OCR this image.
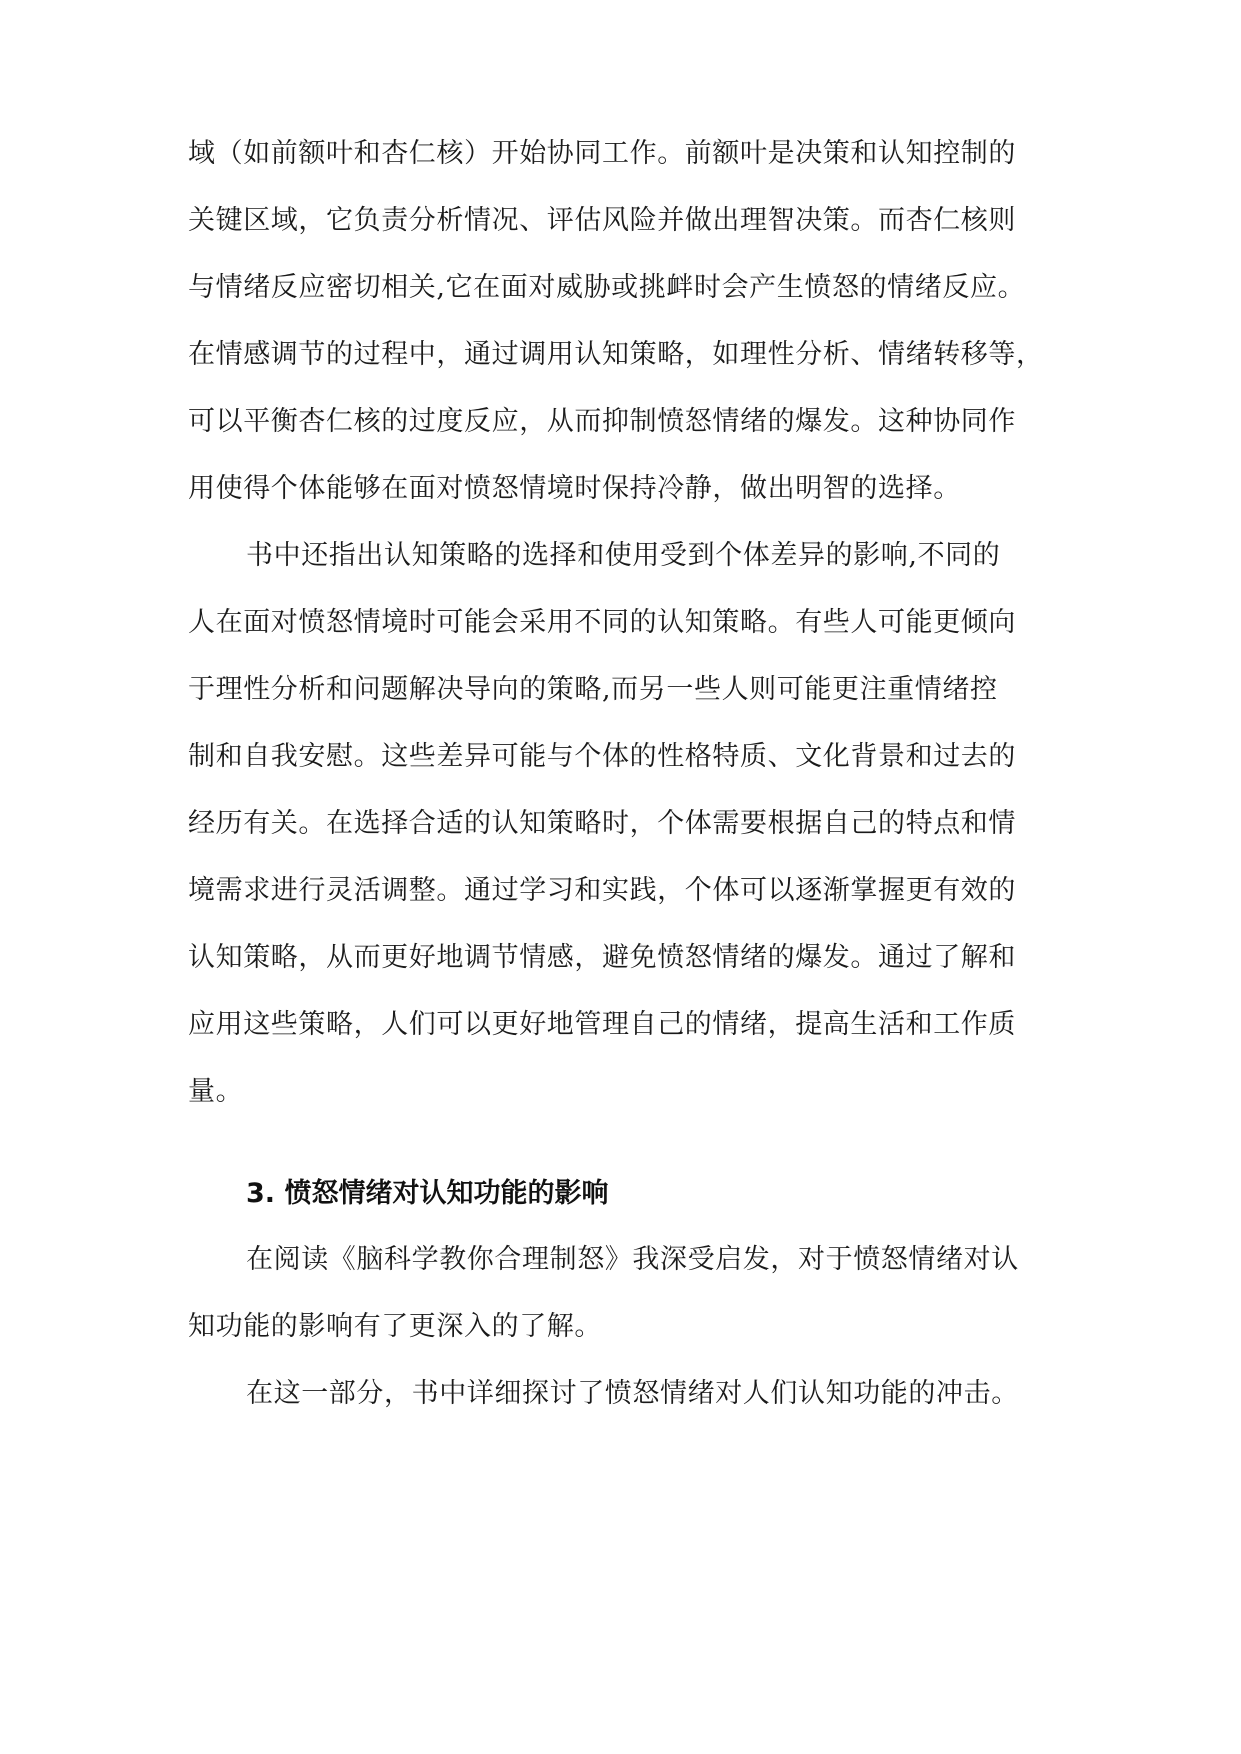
域（如前额叶和杏仁核）开始协同工作。前额叶是决策和认知控制的
关键区域，它负责分析情况、评估风险并做出理智决策。而杏仁核则
与情绪反应密切相关,它在面对威胁或挑衅时会产生愤怒的情绪反应。
在情感调节的过程中，通过调用认知策略，如理性分析、情绪转移等，
可以平衡杏仁核的过度反应，从而抑制愤怒情绪的爆发。这种协同作
用使得个体能够在面对愤怒情境时保持冷静，做出明智的选择。
书中还指出认知策略的选择和使用受到个体差异的影响,不同的
人在面对愤怒情境时可能会采用不同的认知策略。有些人可能更倾向
于理性分析和问题解决导向的策略,而另一些人则可能更注重情绪控
制和自我安慰。这些差异可能与个体的性格特质、文化背景和过去的
经历有关。在选择合适的认知策略时，个体需要根据自己的特点和情
境需求进行灵活调整。通过学习和实践，个体可以逐渐掌握更有效的
认知策略，从而更好地调节情感，避免愤怒情绪的爆发。通过了解和
应用这些策略，人们可以更好地管理自己的情绪，提高生活和工作质
量。
3. 愤怒情绪对认知功能的影响
在阅读《脑科学教你合理制怒》我深受启发，对于愤怒情绪对认
知功能的影响有了更深入的了解。
在这一部分，书中详细探讨了愤怒情绪对人们认知功能的冲击。
